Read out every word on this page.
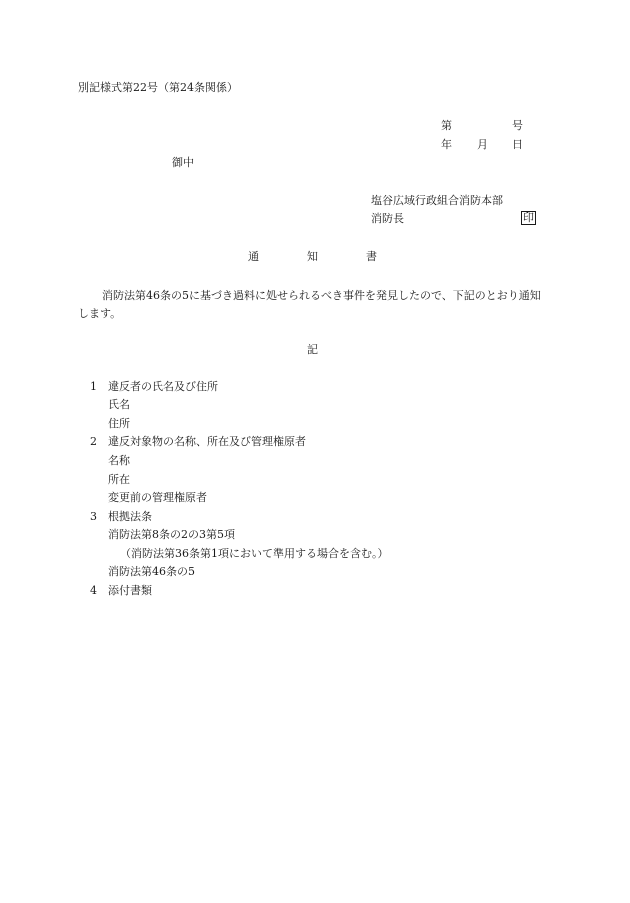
別記様式第22号（第24条関係）
第	号
年 月 日
御中
塩谷広域行政組合消防本部
消防長	印
通	知	書
消防法第46条の5に基づき過料に処せられるべき事件を発見したので、下記のとおり通知します。
記
1 違反者の氏名及び住所
氏名
住所
2 違反対象物の名称、所在及び管理権原者
名称
所在
変更前の管理権原者
3 根拠法条
消防法第8条の2の3第5項
（消防法第36条第1項において準用する場合を含む。）
消防法第46条の5
4 添付書類
